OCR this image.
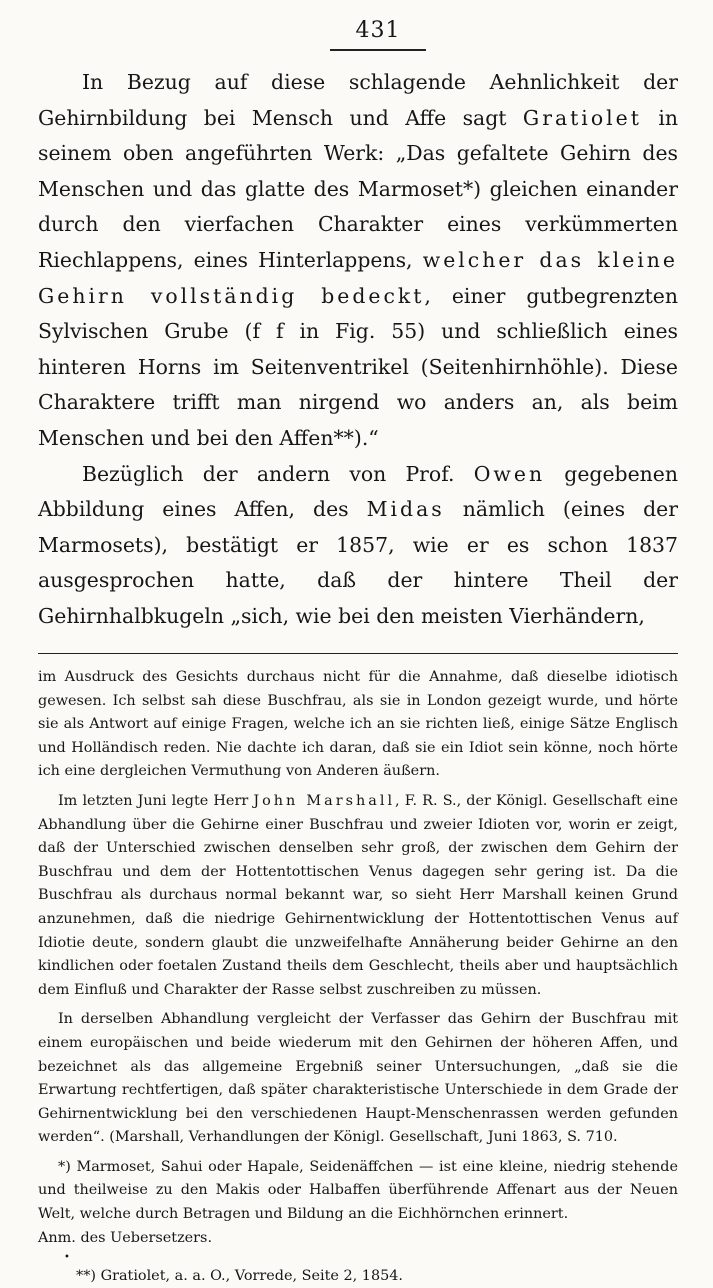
431

In Bezug auf diese schlagende Aehnlichkeit der Gehirnbildung bei Mensch und Affe sagt Gratiolet in seinem oben angeführten Werk: „Das gefaltete Gehirn des Menschen und das glatte des Marmoset*) gleichen einander durch den vierfachen Charakter eines verkümmerten Riechlappens, eines Hinterlappens, welcher das kleine Gehirn vollständig bedeckt, einer gutbegrenzten Sylvischen Grube (f f in Fig. 55) und schließlich eines hinteren Horns im Seitenventrikel (Seitenhirnhöhle). Diese Charaktere trifft man nirgend wo anders an, als beim Menschen und bei den Affen**).“

Bezüglich der andern von Prof. Owen gegebenen Abbildung eines Affen, des Midas nämlich (eines der Marmosets), bestätigt er 1857, wie er es schon 1837 ausgesprochen hatte, daß der hintere Theil der Gehirnhalbkugeln „sich, wie bei den meisten Vierhändern,

im Ausdruck des Gesichts durchaus nicht für die Annahme, daß dieselbe idiotisch gewesen. Ich selbst sah diese Buschfrau, als sie in London gezeigt wurde, und hörte sie als Antwort auf einige Fragen, welche ich an sie richten ließ, einige Sätze Englisch und Holländisch reden. Nie dachte ich daran, daß sie ein Idiot sein könne, noch hörte ich eine dergleichen Vermuthung von Anderen äußern.

Im letzten Juni legte Herr John Marshall, F. R. S., der Königl. Gesellschaft eine Abhandlung über die Gehirne einer Buschfrau und zweier Idioten vor, worin er zeigt, daß der Unterschied zwischen denselben sehr groß, der zwischen dem Gehirn der Buschfrau und dem der Hottentottischen Venus dagegen sehr gering ist. Da die Buschfrau als durchaus normal bekannt war, so sieht Herr Marshall keinen Grund anzunehmen, daß die niedrige Gehirnentwicklung der Hottentottischen Venus auf Idiotie deute, sondern glaubt die unzweifelhafte Annäherung beider Gehirne an den kindlichen oder foetalen Zustand theils dem Geschlecht, theils aber und hauptsächlich dem Einfluß und Charakter der Rasse selbst zuschreiben zu müssen.

In derselben Abhandlung vergleicht der Verfasser das Gehirn der Buschfrau mit einem europäischen und beide wiederum mit den Gehirnen der höheren Affen, und bezeichnet als das allgemeine Ergebniß seiner Untersuchungen, „daß sie die Erwartung rechtfertigen, daß später charakteristische Unterschiede in dem Grade der Gehirnentwicklung bei den verschiedenen Haupt-Menschenrassen werden gefunden werden“. (Marshall, Verhandlungen der Königl. Gesellschaft, Juni 1863, S. 710.

*) Marmoset, Sahui oder Hapale, Seidenäffchen — ist eine kleine, niedrig stehende und theilweise zu den Makis oder Halbaffen überführende Affenart aus der Neuen Welt, welche durch Betragen und Bildung an die Eichhörnchen erinnert.

Anm. des Uebersetzers.

•
**) Gratiolet, a. a. O., Vorrede, Seite 2, 1854.
